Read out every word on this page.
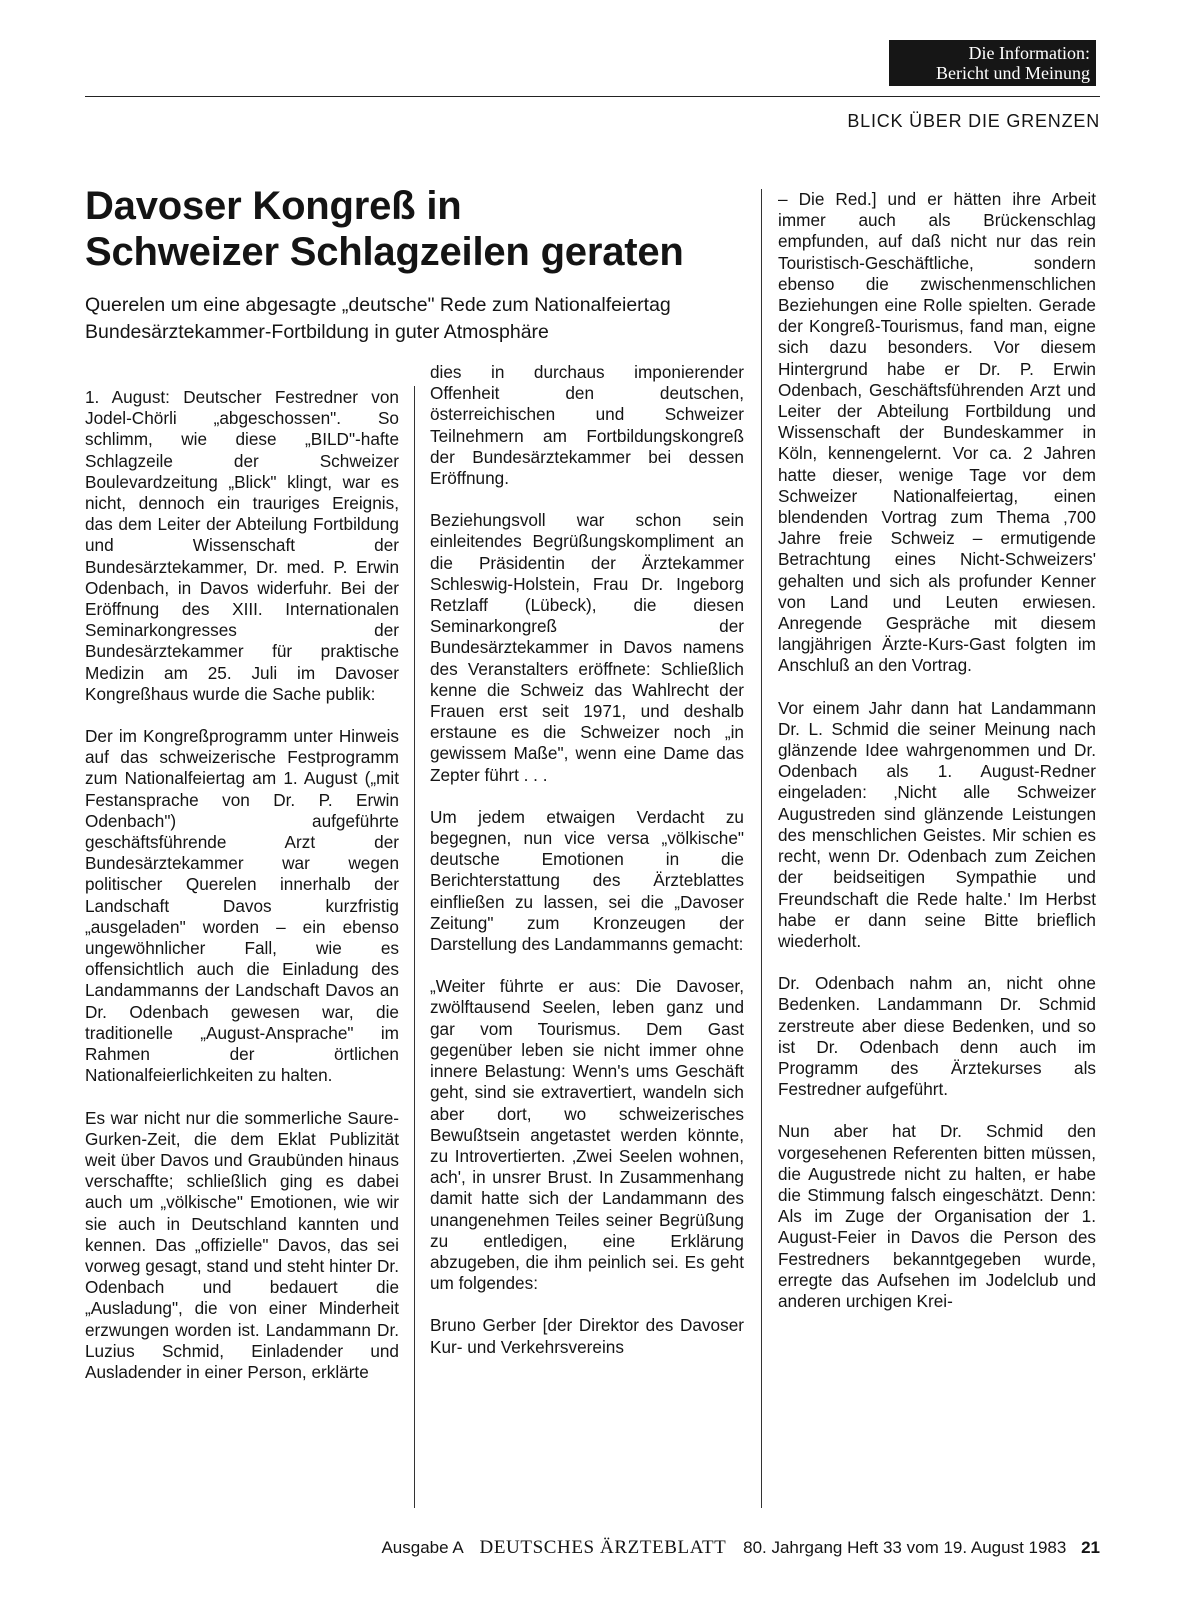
Die Information:
Bericht und Meinung
BLICK ÜBER DIE GRENZEN
Davoser Kongreß in
Schweizer Schlagzeilen geraten
Querelen um eine abgesagte „deutsche" Rede zum Nationalfeiertag
Bundesärztekammer-Fortbildung in guter Atmosphäre

1. August: Deutscher Festredner von Jodel-Chörli „abgeschossen". So schlimm, wie diese „BILD"-hafte Schlagzeile der Schweizer Boulevardzeitung „Blick" klingt, war es nicht, dennoch ein trauriges Ereignis, das dem Leiter der Abteilung Fortbildung und Wissenschaft der Bundesärztekammer, Dr. med. P. Erwin Odenbach, in Davos widerfuhr. Bei der Eröffnung des XIII. Internationalen Seminarkongresses der Bundesärztekammer für praktische Medizin am 25. Juli im Davoser Kongreßhaus wurde die Sache publik:

Der im Kongreßprogramm unter Hinweis auf das schweizerische Festprogramm zum Nationalfeiertag am 1. August („mit Festansprache von Dr. P. Erwin Odenbach") aufgeführte geschäftsführende Arzt der Bundesärztekammer war wegen politischer Querelen innerhalb der Landschaft Davos kurzfristig „ausgeladen" worden – ein ebenso ungewöhnlicher Fall, wie es offensichtlich auch die Einladung des Landammanns der Landschaft Davos an Dr. Odenbach gewesen war, die traditionelle „August-Ansprache" im Rahmen der örtlichen Nationalfeierlichkeiten zu halten.

Es war nicht nur die sommerliche Saure-Gurken-Zeit, die dem Eklat Publizität weit über Davos und Graubünden hinaus verschaffte; schließlich ging es dabei auch um „völkische" Emotionen, wie wir sie auch in Deutschland kannten und kennen. Das „offizielle" Davos, das sei vorweg gesagt, stand und steht hinter Dr. Odenbach und bedauert die „Ausladung", die von einer Minderheit erzwungen worden ist. Landammann Dr. Luzius Schmid, Einladender und Ausladender in einer Person, erklärte

dies in durchaus imponierender Offenheit den deutschen, österreichischen und Schweizer Teilnehmern am Fortbildungskongreß der Bundesärztekammer bei dessen Eröffnung.

Beziehungsvoll war schon sein einleitendes Begrüßungskompliment an die Präsidentin der Ärztekammer Schleswig-Holstein, Frau Dr. Ingeborg Retzlaff (Lübeck), die diesen Seminarkongreß der Bundesärztekammer in Davos namens des Veranstalters eröffnete: Schließlich kenne die Schweiz das Wahlrecht der Frauen erst seit 1971, und deshalb erstaune es die Schweizer noch „in gewissem Maße", wenn eine Dame das Zepter führt . . .

Um jedem etwaigen Verdacht zu begegnen, nun vice versa „völkische" deutsche Emotionen in die Berichterstattung des Ärzteblattes einfließen zu lassen, sei die „Davoser Zeitung" zum Kronzeugen der Darstellung des Landammanns gemacht:

„Weiter führte er aus: Die Davoser, zwölftausend Seelen, leben ganz und gar vom Tourismus. Dem Gast gegenüber leben sie nicht immer ohne innere Belastung: Wenn's ums Geschäft geht, sind sie extravertiert, wandeln sich aber dort, wo schweizerisches Bewußtsein angetastet werden könnte, zu Introvertierten. ‚Zwei Seelen wohnen, ach', in unsrer Brust. In Zusammenhang damit hatte sich der Landammann des unangenehmen Teiles seiner Begrüßung zu entledigen, eine Erklärung abzugeben, die ihm peinlich sei. Es geht um folgendes:

Bruno Gerber [der Direktor des Davoser Kur- und Verkehrsvereins

– Die Red.] und er hätten ihre Arbeit immer auch als Brückenschlag empfunden, auf daß nicht nur das rein Touristisch-Geschäftliche, sondern ebenso die zwischenmenschlichen Beziehungen eine Rolle spielten. Gerade der Kongreß-Tourismus, fand man, eigne sich dazu besonders. Vor diesem Hintergrund habe er Dr. P. Erwin Odenbach, Geschäftsführenden Arzt und Leiter der Abteilung Fortbildung und Wissenschaft der Bundeskammer in Köln, kennengelernt. Vor ca. 2 Jahren hatte dieser, wenige Tage vor dem Schweizer Nationalfeiertag, einen blendenden Vortrag zum Thema ‚700 Jahre freie Schweiz – ermutigende Betrachtung eines Nicht-Schweizers' gehalten und sich als profunder Kenner von Land und Leuten erwiesen. Anregende Gespräche mit diesem langjährigen Ärzte-Kurs-Gast folgten im Anschluß an den Vortrag.

Vor einem Jahr dann hat Landammann Dr. L. Schmid die seiner Meinung nach glänzende Idee wahrgenommen und Dr. Odenbach als 1. August-Redner eingeladen: ‚Nicht alle Schweizer Augustreden sind glänzende Leistungen des menschlichen Geistes. Mir schien es recht, wenn Dr. Odenbach zum Zeichen der beidseitigen Sympathie und Freundschaft die Rede halte.' Im Herbst habe er dann seine Bitte brieflich wiederholt.

Dr. Odenbach nahm an, nicht ohne Bedenken. Landammann Dr. Schmid zerstreute aber diese Bedenken, und so ist Dr. Odenbach denn auch im Programm des Ärztekurses als Festredner aufgeführt.

Nun aber hat Dr. Schmid den vorgesehenen Referenten bitten müssen, die Augustrede nicht zu halten, er habe die Stimmung falsch eingeschätzt. Denn: Als im Zuge der Organisation der 1. August-Feier in Davos die Person des Festredners bekanntgegeben wurde, erregte das Aufsehen im Jodelclub und anderen urchigen Krei-

Ausgabe A DEUTSCHES ÄRZTEBLATT 80. Jahrgang Heft 33 vom 19. August 1983 21
